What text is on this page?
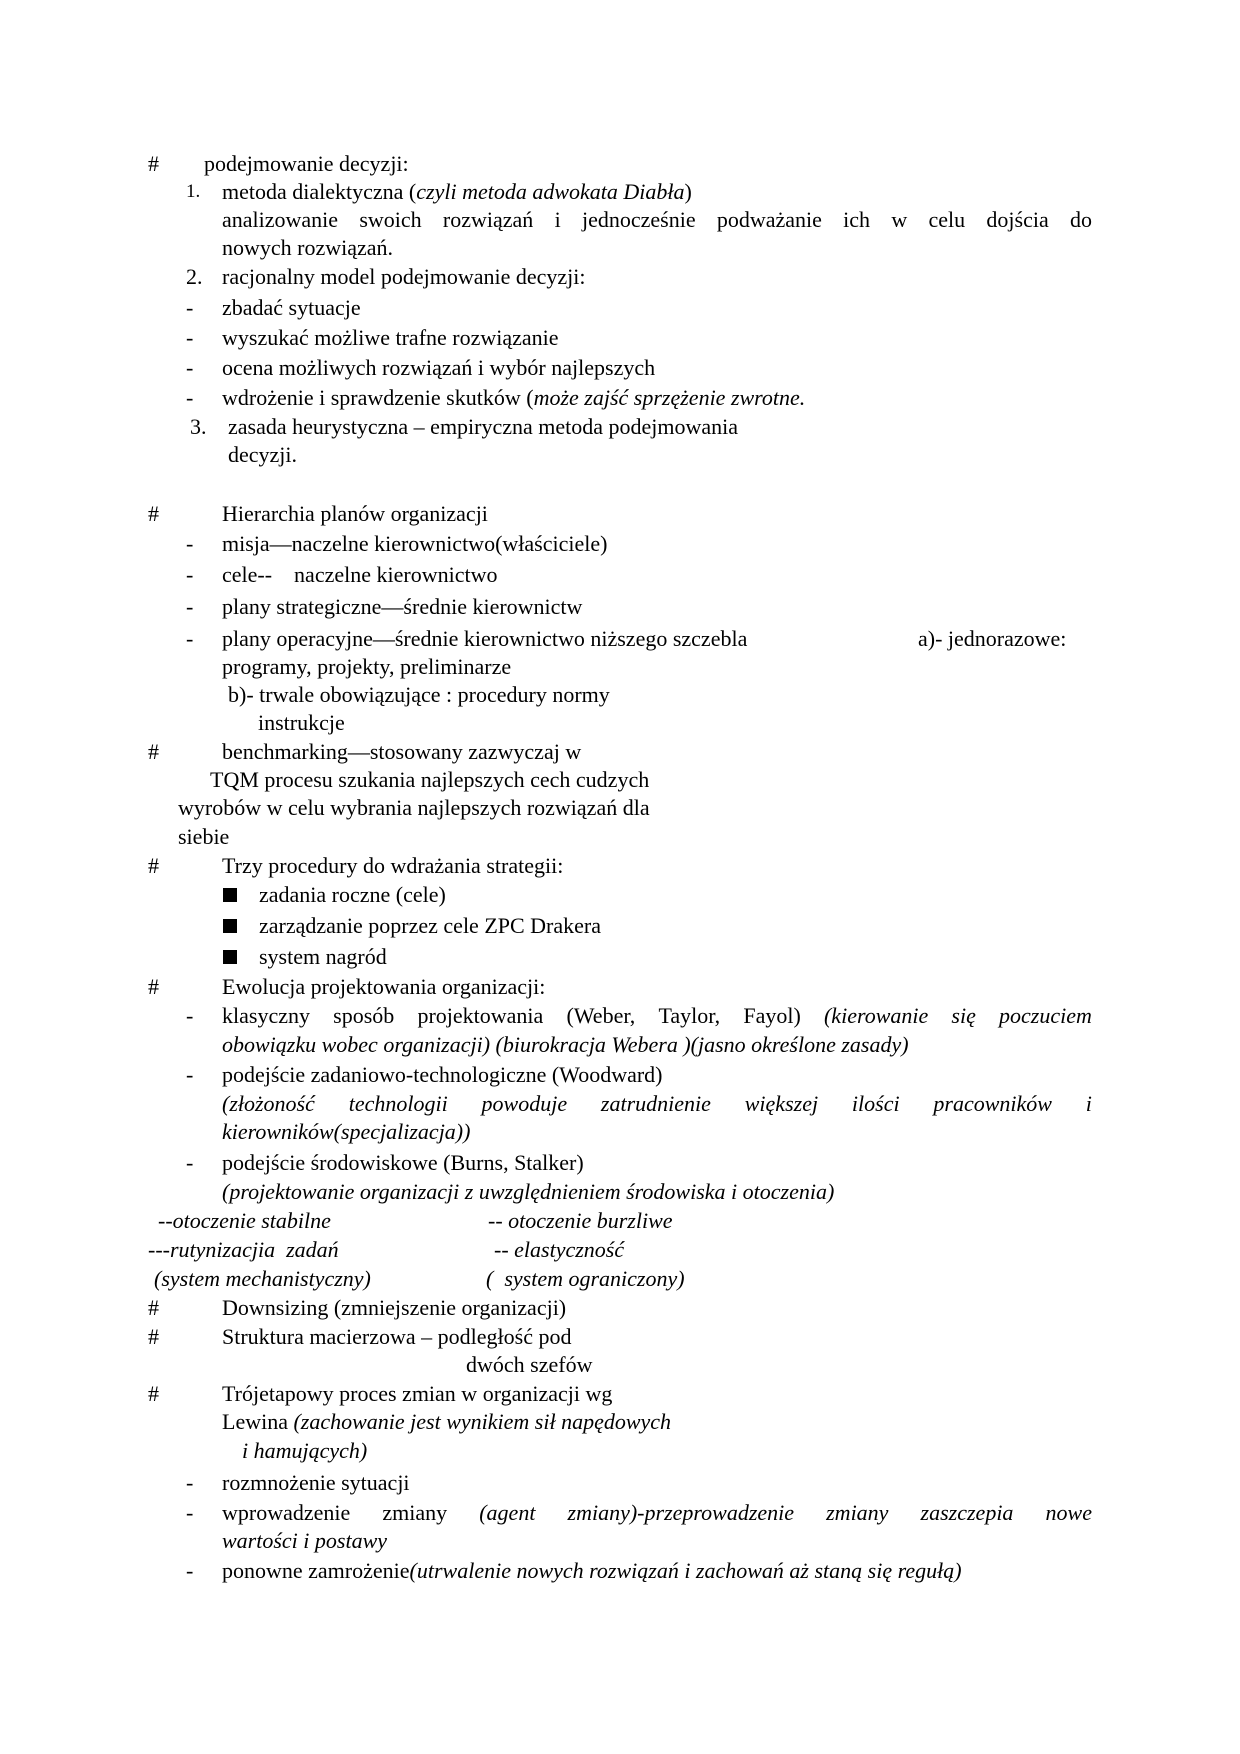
# podejmowanie decyzji:
1. metoda dialektyczna (czyli metoda adwokata Diabła)
analizowanie swoich rozwiązań i jednocześnie podważanie ich w celu dojścia do
nowych rozwiązań.
2. racjonalny model podejmowanie decyzji:
- zbadać sytuacje
- wyszukać możliwe trafne rozwiązanie
- ocena możliwych rozwiązań i wybór najlepszych
- wdrożenie i sprawdzenie skutków (może zajść sprzężenie zwrotne.
3. zasada heurystyczna – empiryczna metoda podejmowania
decyzji.
#	Hierarchia planów organizacji
- misja—naczelne kierownictwo(właściciele)
- cele--    naczelne kierownictwo
- plany strategiczne—średnie kierownictw
- plany operacyjne—średnie kierownictwo niższego szczebla	a)- jednorazowe:
programy, projekty, preliminarze
b)- trwale obowiązujące : procedury normy
instrukcje
#	benchmarking—stosowany zazwyczaj w
TQM procesu szukania najlepszych cech cudzych
wyrobów w celu wybrania najlepszych rozwiązań dla
siebie
#	Trzy procedury do wdrażania strategii:
zadania roczne (cele)
zarządzanie poprzez cele ZPC Drakera
system nagród
#	Ewolucja projektowania organizacji:
- klasyczny sposób projektowania (Weber, Taylor, Fayol) (kierowanie się poczuciem
obowiązku wobec organizacji) (biurokracja Webera )(jasno określone zasady)
- podejście zadaniowo-technologiczne (Woodward)
(złożoność technologii powoduje zatrudnienie większej ilości pracowników i
kierowników(specjalizacja))
- podejście środowiskowe (Burns, Stalker)
(projektowanie organizacji z uwzględnieniem środowiska i otoczenia)
--otoczenie stabilne	-- otoczenie burzliwe
---rutynizacjia  zadań	-- elastyczność
(system mechanistyczny)	(  system ograniczony)
#	Downsizing (zmniejszenie organizacji)
#	Struktura macierzowa – podległość pod
dwóch szefów
#	Trójetapowy proces zmian w organizacji wg
Lewina (zachowanie jest wynikiem sił napędowych
i hamujących)
- rozmnożenie sytuacji
- wprowadzenie zmiany (agent zmiany)-przeprowadzenie zmiany zaszczepia nowe
wartości i postawy
- ponowne zamrożenie(utrwalenie nowych rozwiązań i zachowań aż staną się regułą)
